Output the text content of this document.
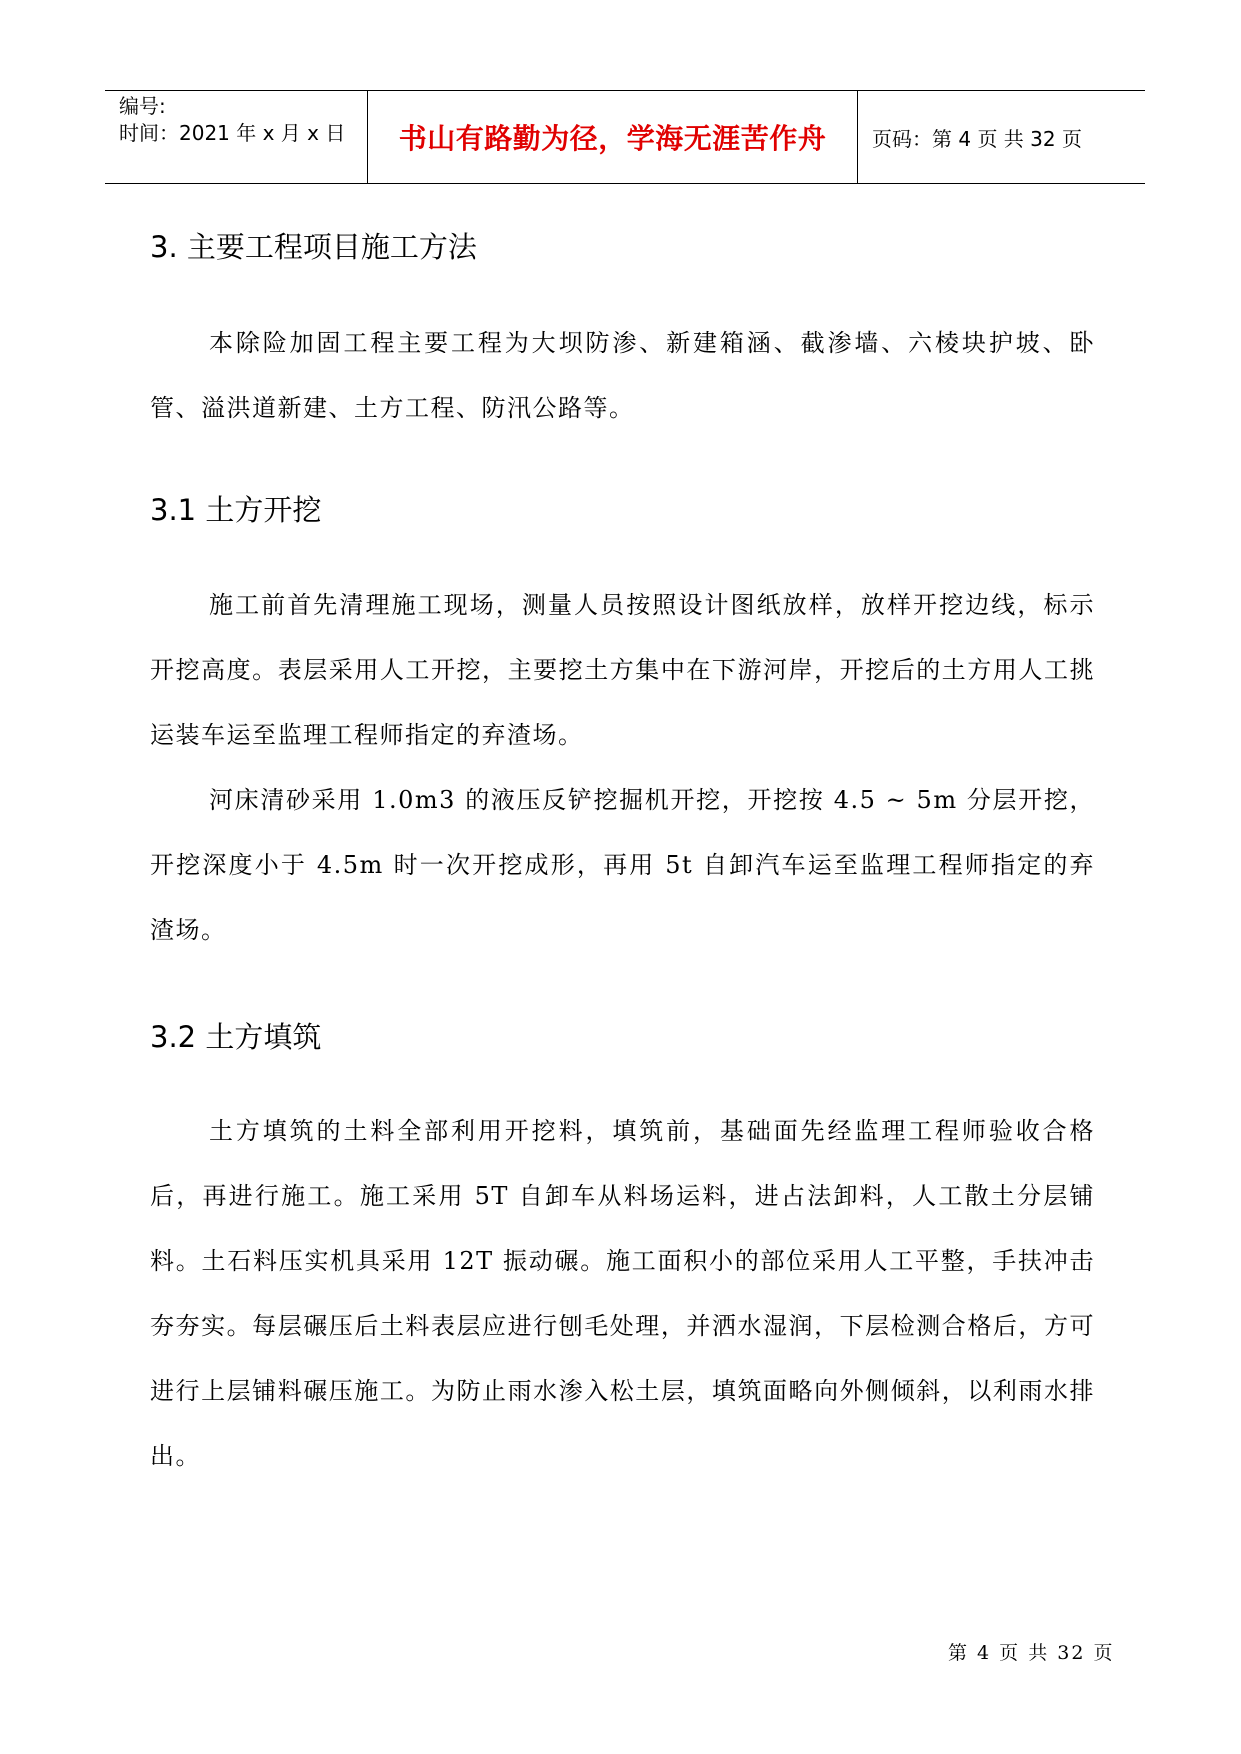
编号:
时间：2021 年 x 月 x 日	书山有路勤为径，学海无涯苦作舟 页码：第 4 页 共 32 页
3. 主要工程项目施工方法
本除险加固工程主要工程为大坝防渗、新建箱涵、截渗墙、六棱块护坡、卧管、溢洪道新建、土方工程、防汛公路等。
3.1 土方开挖
施工前首先清理施工现场，测量人员按照设计图纸放样，放样开挖边线，标示开挖高度。表层采用人工开挖，主要挖土方集中在下游河岸，开挖后的土方用人工挑运装车运至监理工程师指定的弃渣场。
河床清砂采用 1.0m3 的液压反铲挖掘机开挖，开挖按 4.5 ~ 5m 分层开挖，开挖深度小于 4.5m 时一次开挖成形，再用 5t 自卸汽车运至监理工程师指定的弃渣场。
3.2 土方填筑
土方填筑的土料全部利用开挖料，填筑前，基础面先经监理工程师验收合格后，再进行施工。施工采用 5T 自卸车从料场运料，进占法卸料，人工散土分层铺料。土石料压实机具采用 12T 振动碾。施工面积小的部位采用人工平整，手扶冲击夯夯实。每层碾压后土料表层应进行刨毛处理，并洒水湿润，下层检测合格后，方可进行上层铺料碾压施工。为防止雨水渗入松土层，填筑面略向外侧倾斜，以利雨水排出。
第 4 页 共 32 页
